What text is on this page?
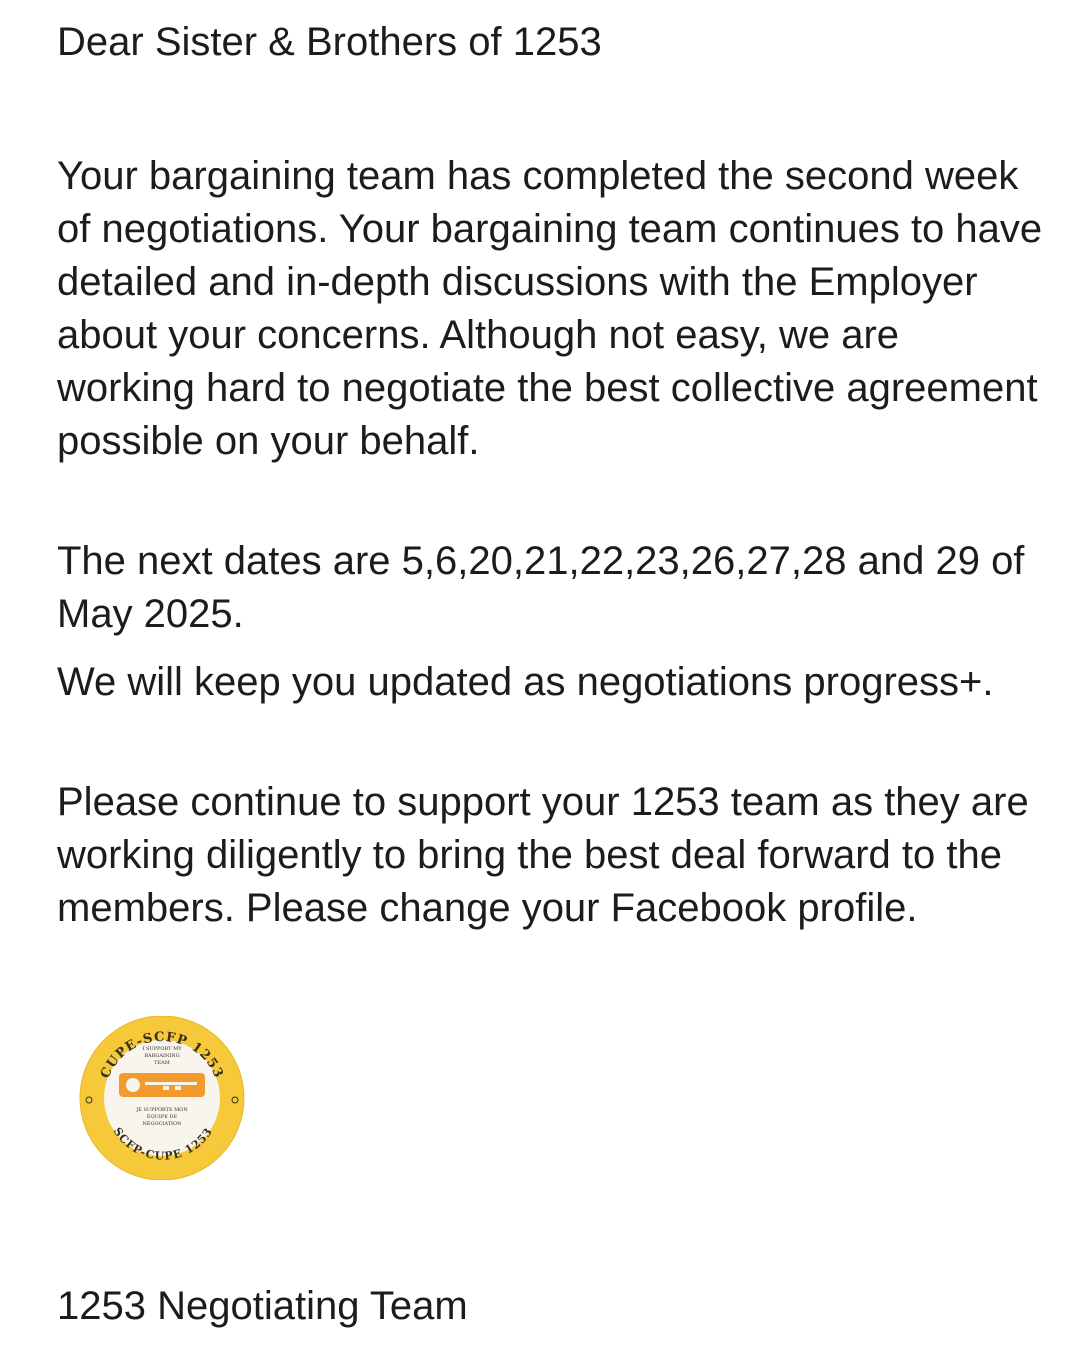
Dear Sister & Brothers of 1253
Your bargaining team has completed the second week of negotiations. Your bargaining team continues to have detailed and in-depth discussions with the Employer about your concerns. Although not easy, we are working hard to negotiate the best collective agreement possible on your behalf.
The next dates are 5,6,20,21,22,23,26,27,28 and 29 of May 2025.
We will keep you updated as negotiations progress+.
Please continue to support your 1253 team as they are working diligently to bring the best deal forward to the members. Please change your Facebook profile.
CUPE-SCFP 1253
SCFP-CUPE 1253
I SUPPORT MY
BARGAINING
TEAM
JE SUPPORTE MON
ÉQUIPE DE
NÉGOCIATION
1253 Negotiating Team
